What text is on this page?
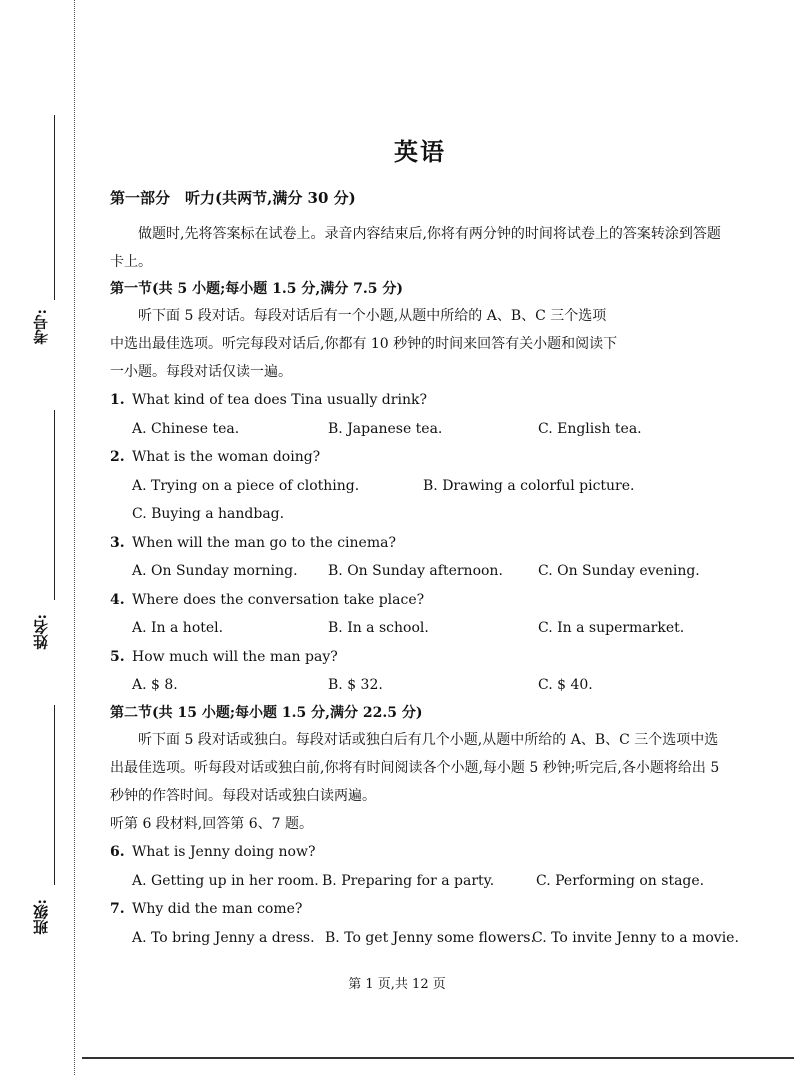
考号:
姓名:
班级:
英语
第一部分　听力(共两节,满分 30 分)
做题时,先将答案标在试卷上。录音内容结束后,你将有两分钟的时间将试卷上的答案转涂到答题卡上。
第一节(共 5 小题;每小题 1.5 分,满分 7.5 分)
听下面 5 段对话。每段对话后有一个小题,从题中所给的 A、B、C 三个选项中选出最佳选项。听完每段对话后,你都有 10 秒钟的时间来回答有关小题和阅读下一小题。每段对话仅读一遍。
1. What kind of tea does Tina usually drink?
A. Chinese tea.	B. Japanese tea.	C. English tea.
2. What is the woman doing?
A. Trying on a piece of clothing.	B. Drawing a colorful picture.
C. Buying a handbag.
3. When will the man go to the cinema?
A. On Sunday morning. B. On Sunday afternoon.	C. On Sunday evening.
4. Where does the conversation take place?
A. In a hotel.	B. In a school.	C. In a supermarket.
5. How much will the man pay?
A. $ 8.	B. $ 32.	C. $ 40.
第二节(共 15 小题;每小题 1.5 分,满分 22.5 分)
听下面 5 段对话或独白。每段对话或独白后有几个小题,从题中所给的 A、B、C 三个选项中选出最佳选项。听每段对话或独白前,你将有时间阅读各个小题,每小题 5 秒钟;听完后,各小题将给出 5 秒钟的作答时间。每段对话或独白读两遍。
听第 6 段材料,回答第 6、7 题。
6. What is Jenny doing now?
A. Getting up in her room. B. Preparing for a party.	C. Performing on stage.
7. Why did the man come?
A. To bring Jenny a dress. B. To get Jenny some flowers.
C. To invite Jenny to a movie.
第 1 页,共 12 页
